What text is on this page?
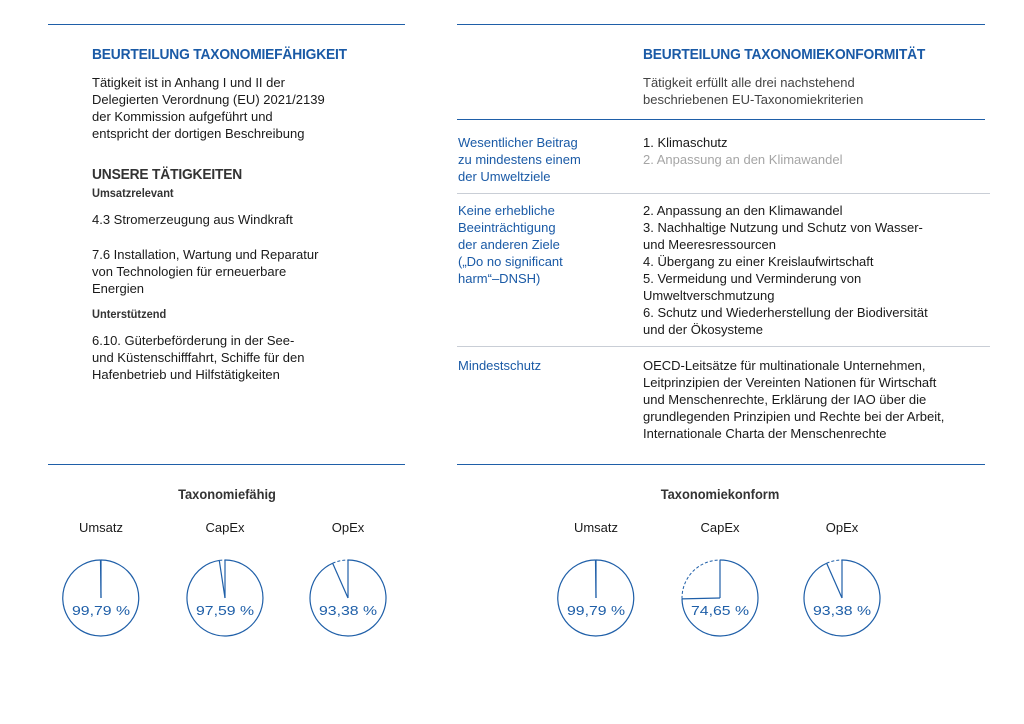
BEURTEILUNG TAXONOMIEFÄHIGKEIT
Tätigkeit ist in Anhang I und II der
Delegierten Verordnung (EU) 2021/2139
der Kommission aufgeführt und
entspricht der dortigen Beschreibung
UNSERE TÄTIGKEITEN
Umsatzrelevant
4.3 Stromerzeugung aus Windkraft
7.6 Installation, Wartung und Reparatur
von Technologien für erneuerbare
Energien
Unterstützend
6.10. Güterbeförderung in der See-
und Küstenschifffahrt, Schiffe für den
Hafenbetrieb und Hilfstätigkeiten
BEURTEILUNG TAXONOMIEKONFORMITÄT
Tätigkeit erfüllt alle drei nachstehend
beschriebenen EU-Taxonomiekriterien
Wesentlicher Beitrag
zu mindestens einem
der Umweltziele
1. Klimaschutz
2. Anpassung an den Klimawandel
Keine erhebliche
Beeinträchtigung
der anderen Ziele
(„Do no significant
harm“–DNSH)
2. Anpassung an den Klimawandel
3. Nachhaltige Nutzung und Schutz von Wasser-
und Meeresressourcen
4. Übergang zu einer Kreislaufwirtschaft
5. Vermeidung und Verminderung von
Umweltverschmutzung
6. Schutz und Wiederherstellung der Biodiversität
und der Ökosysteme
Mindestschutz	OECD-Leitsätze für multinationale Unternehmen,
Leitprinzipien der Vereinten Nationen für Wirtschaft
und Menschenrechte, Erklärung der IAO über die
grundlegenden Prinzipien und Rechte bei der Arbeit,
Internationale Charta der Menschenrechte
Taxonomiefähig	Taxonomiekonform
Umsatz
99,79 %
CapEx
97,59 %
OpEx
93,38 %
Umsatz
99,79 %
CapEx
74,65 %
OpEx
93,38 %
